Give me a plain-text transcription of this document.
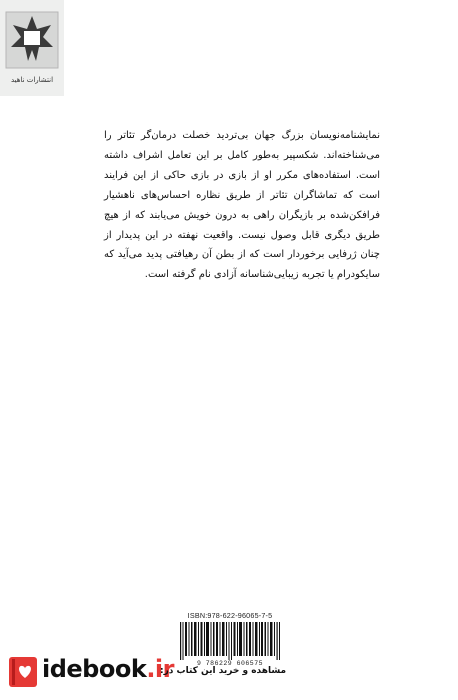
انتشارات ناهید
نمایشنامه‌نویسان بزرگ جهان بی‌تردید خصلت درمان‌گر تئاتر را می‌شناخته‌اند. شکسپیر به‌طور کامل بر این تعامل اشراف داشته است. استفاده‌های مکرر او از بازی در بازی حاکی از این فرایند است که تماشاگران تئاتر از طریق نظاره احساس‌های ناهشیار فرافکن‌شده بر بازیگران راهی به درون خویش می‌یابند که از هیچ طریق دیگری قابل وصول نیست. واقعیت نهفته در این پدیدار از چنان ژرفایی برخوردار است که از بطن آن رهیافتی پدید می‌آید که سایکودرام یا تجربه زیبایی‌شناسانه آزادی نام گرفته است.
ISBN:978-622-96065-7-5
9 786229 606575
idebook.ir
مشاهده و خرید این کتاب در:
